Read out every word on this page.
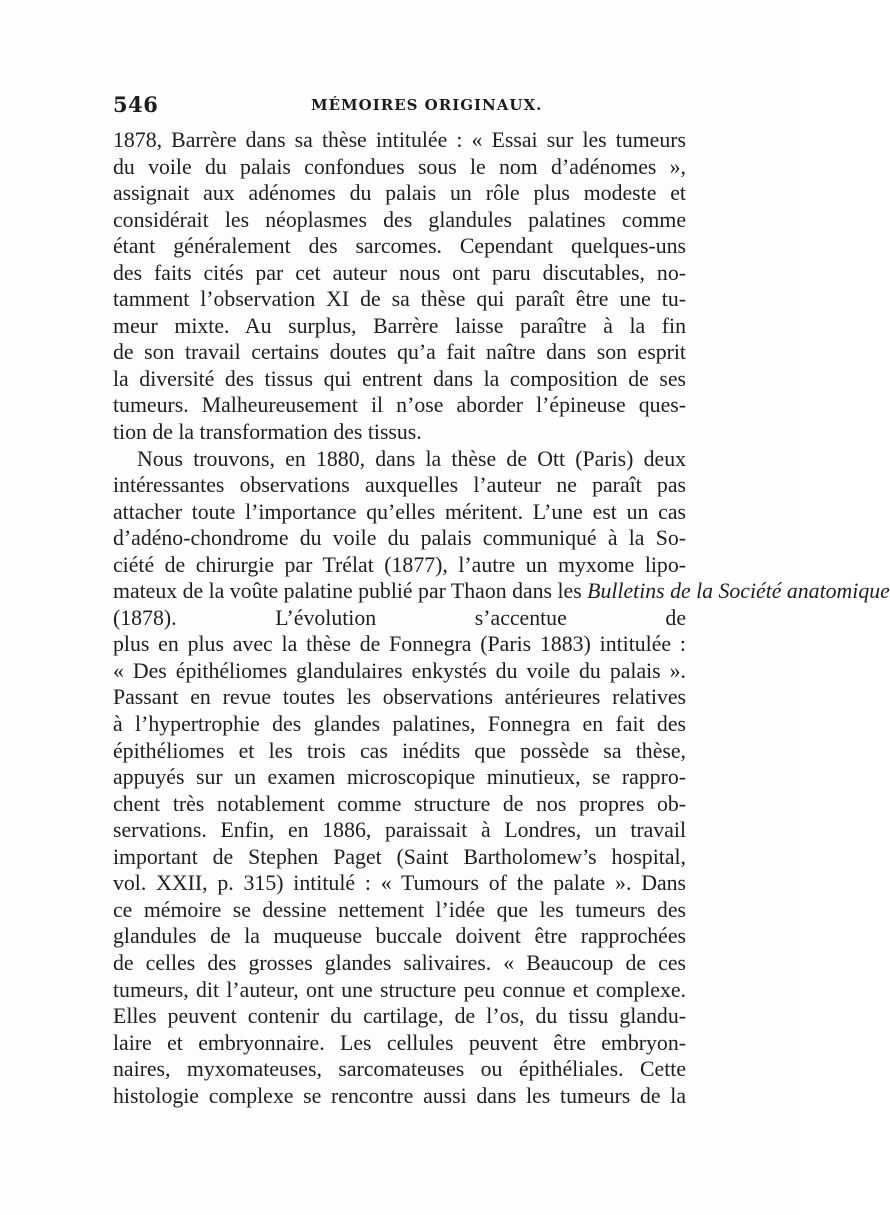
546	MÉMOIRES ORIGINAUX.
1878, Barrère dans sa thèse intitulée : « Essai sur les tumeurs
du voile du palais confondues sous le nom d’adénomes »,
assignait aux adénomes du palais un rôle plus modeste et
considérait les néoplasmes des glandules palatines comme
étant généralement des sarcomes. Cependant quelques-uns
des faits cités par cet auteur nous ont paru discutables, no-
tamment l’observation XI de sa thèse qui paraît être une tu-
meur mixte. Au surplus, Barrère laisse paraître à la fin
de son travail certains doutes qu’a fait naître dans son esprit
la diversité des tissus qui entrent dans la composition de ses
tumeurs. Malheureusement il n’ose aborder l’épineuse ques-
tion de la transformation des tissus.
Nous trouvons, en 1880, dans la thèse de Ott (Paris) deux
intéressantes observations auxquelles l’auteur ne paraît pas
attacher toute l’importance qu’elles méritent. L’une est un cas
d’adéno-chondrome du voile du palais communiqué à la So-
ciété de chirurgie par Trélat (1877), l’autre un myxome lipo-
mateux de la voûte palatine publié par Thaon dans les Bulletins de la Société anatomique
(1878). L’évolution s’accentue de
plus en plus avec la thèse de Fonnegra (Paris 1883) intitulée :
« Des épithéliomes glandulaires enkystés du voile du palais ».
Passant en revue toutes les observations antérieures relatives
à l’hypertrophie des glandes palatines, Fonnegra en fait des
épithéliomes et les trois cas inédits que possède sa thèse,
appuyés sur un examen microscopique minutieux, se rappro-
chent très notablement comme structure de nos propres ob-
servations. Enfin, en 1886, paraissait à Londres, un travail
important de Stephen Paget (Saint Bartholomew’s hospital,
vol. XXII, p. 315) intitulé : « Tumours of the palate ». Dans
ce mémoire se dessine nettement l’idée que les tumeurs des
glandules de la muqueuse buccale doivent être rapprochées
de celles des grosses glandes salivaires. « Beaucoup de ces
tumeurs, dit l’auteur, ont une structure peu connue et complexe.
Elles peuvent contenir du cartilage, de l’os, du tissu glandu-
laire et embryonnaire. Les cellules peuvent être embryon-
naires, myxomateuses, sarcomateuses ou épithéliales. Cette
histologie complexe se rencontre aussi dans les tumeurs de la
